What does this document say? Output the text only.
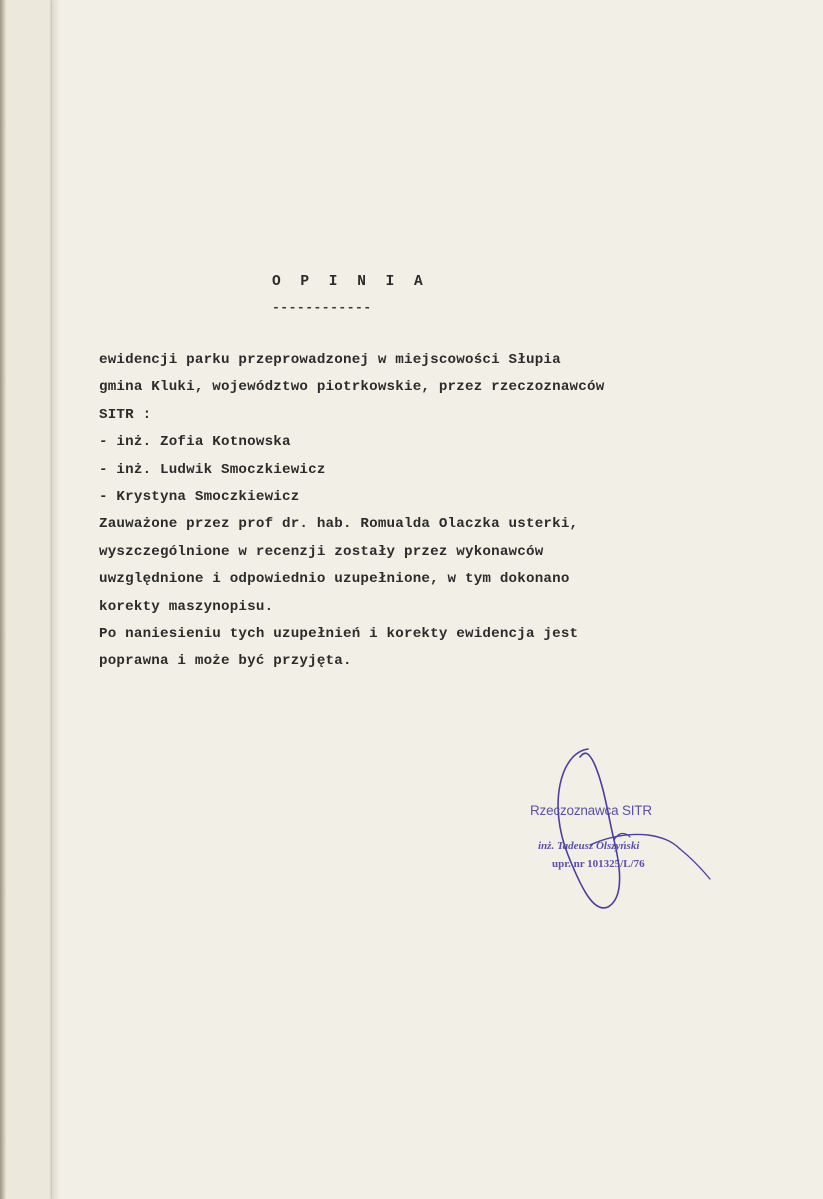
O P I N I A
------------
ewidencji parku przeprowadzonej w miejscowości Słupia
gmina Kluki, województwo piotrkowskie, przez rzeczoznawców
SITR :
- inż. Zofia Kotnowska
- inż. Ludwik Smoczkiewicz
- Krystyna Smoczkiewicz
Zauważone przez prof dr. hab. Romualda Olaczka usterki,
wyszczególnione w recenzji zostały przez wykonawców
uwzględnione i odpowiednio uzupełnione, w tym dokonano
korekty maszynopisu.
Po naniesieniu tych uzupełnień i korekty ewidencja jest
poprawna i może być przyjęta.
Rzeczoznawca SITR
inż. Tadeusz Olszyński
upr. nr 101325/L/76
